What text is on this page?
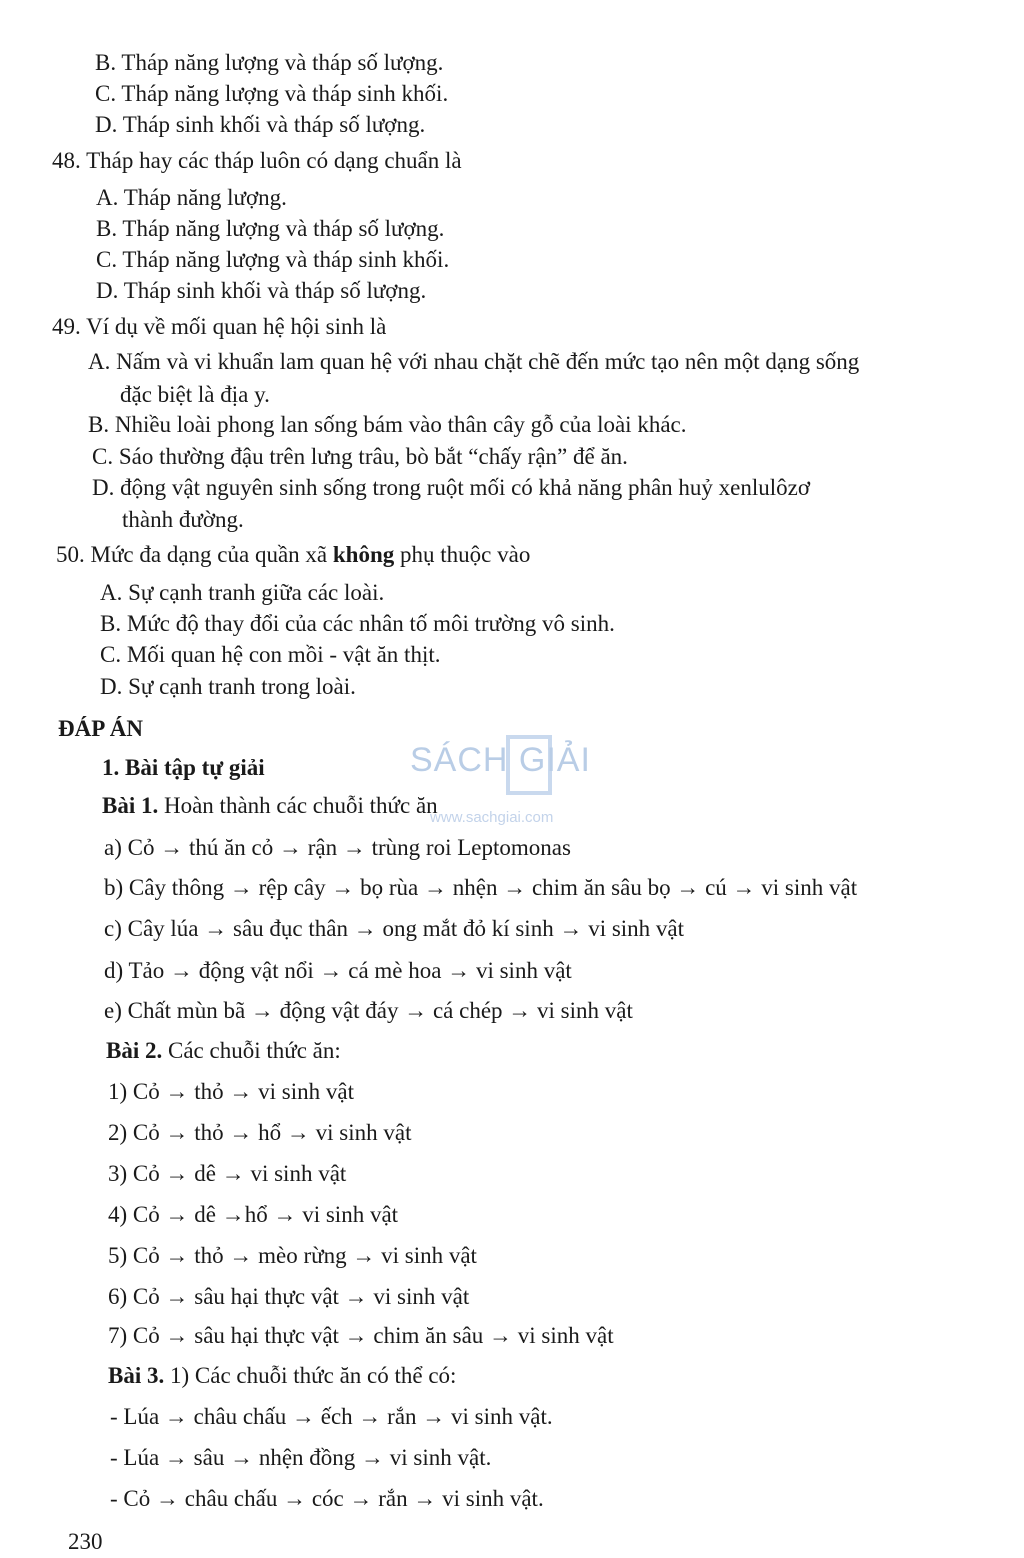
B. Tháp năng lượng và tháp số lượng.
C. Tháp năng lượng và tháp sinh khối.
D. Tháp sinh khối và tháp số lượng.
48. Tháp hay các tháp luôn có dạng chuẩn là
A. Tháp năng lượng.
B. Tháp năng lượng và tháp số lượng.
C. Tháp năng lượng và tháp sinh khối.
D. Tháp sinh khối và tháp số lượng.
49. Ví dụ về mối quan hệ hội sinh là
A. Nấm và vi khuẩn lam quan hệ với nhau chặt chẽ đến mức tạo nên một dạng sống
đặc biệt là địa y.
B. Nhiều loài phong lan sống bám vào thân cây gỗ của loài khác.
C. Sáo thường đậu trên lưng trâu, bò bắt “chấy rận” để ăn.
D. động vật nguyên sinh sống trong ruột mối có khả năng phân huỷ xenlulôzơ
thành đường.
50. Mức đa dạng của quần xã không phụ thuộc vào
A. Sự cạnh tranh giữa các loài.
B. Mức độ thay đổi của các nhân tố môi trường vô sinh.
C. Mối quan hệ con mồi - vật ăn thịt.
D. Sự cạnh tranh trong loài.
ĐÁP ÁN
SÁCH GIẢI
www.sachgiai.com
1. Bài tập tự giải
Bài 1. Hoàn thành các chuỗi thức ăn
a) Cỏ → thú ăn cỏ → rận → trùng roi Leptomonas
b) Cây thông → rệp cây → bọ rùa → nhện → chim ăn sâu bọ → cú → vi sinh vật
c) Cây lúa → sâu đục thân → ong mắt đỏ kí sinh → vi sinh vật
d) Tảo → động vật nổi → cá mè hoa → vi sinh vật
e) Chất mùn bã → động vật đáy → cá chép → vi sinh vật
Bài 2. Các chuỗi thức ăn:
1) Cỏ → thỏ → vi sinh vật
2) Cỏ → thỏ → hổ → vi sinh vật
3) Cỏ → dê → vi sinh vật
4) Cỏ → dê →hổ → vi sinh vật
5) Cỏ → thỏ → mèo rừng → vi sinh vật
6) Cỏ → sâu hại thực vật → vi sinh vật
7) Cỏ → sâu hại thực vật → chim ăn sâu → vi sinh vật
Bài 3. 1) Các chuỗi thức ăn có thể có:
- Lúa → châu chấu → ếch → rắn → vi sinh vật.
- Lúa → sâu → nhện đồng → vi sinh vật.
- Cỏ → châu chấu → cóc → rắn → vi sinh vật.
230
